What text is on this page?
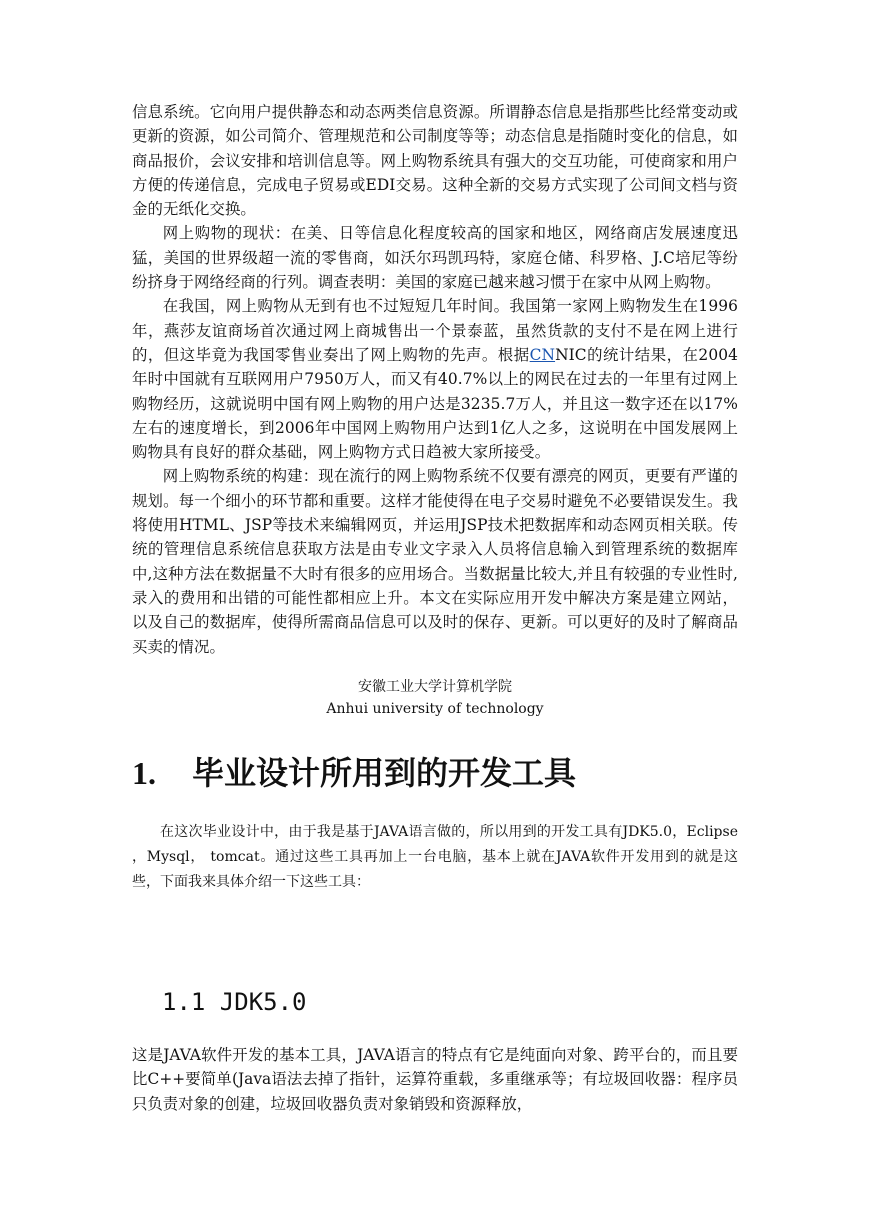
信息系统。它向用户提供静态和动态两类信息资源。所谓静态信息是指那些比经常变动或更新的资源，如公司简介、管理规范和公司制度等等；动态信息是指随时变化的信息，如商品报价，会议安排和培训信息等。网上购物系统具有强大的交互功能，可使商家和用户方便的传递信息，完成电子贸易或EDI交易。这种全新的交易方式实现了公司间文档与资金的无纸化交换。

网上购物的现状：在美、日等信息化程度较高的国家和地区，网络商店发展速度迅猛，美国的世界级超一流的零售商，如沃尔玛凯玛特，家庭仓储、科罗格、J.C培尼等纷纷挤身于网络经商的行列。调查表明：美国的家庭已越来越习惯于在家中从网上购物。

在我国，网上购物从无到有也不过短短几年时间。我国第一家网上购物发生在1996年，燕莎友谊商场首次通过网上商城售出一个景泰蓝，虽然货款的支付不是在网上进行的，但这毕竟为我国零售业奏出了网上购物的先声。根据CNNIC的统计结果，在2004年时中国就有互联网用户7950万人，而又有40.7%以上的网民在过去的一年里有过网上购物经历，这就说明中国有网上购物的用户达是3235.7万人，并且这一数字还在以17%左右的速度增长，到2006年中国网上购物用户达到1亿人之多，这说明在中国发展网上购物具有良好的群众基础，网上购物方式日趋被大家所接受。

网上购物系统的构建：现在流行的网上购物系统不仅要有漂亮的网页，更要有严谨的规划。每一个细小的环节都和重要。这样才能使得在电子交易时避免不必要错误发生。我将使用HTML、JSP等技术来编辑网页，并运用JSP技术把数据库和动态网页相关联。传统的管理信息系统信息获取方法是由专业文字录入人员将信息输入到管理系统的数据库中,这种方法在数据量不大时有很多的应用场合。当数据量比较大,并且有较强的专业性时,录入的费用和出错的可能性都相应上升。本文在实际应用开发中解决方案是建立网站， 以及自己的数据库，使得所需商品信息可以及时的保存、更新。可以更好的及时了解商品买卖的情况。

安徽工业大学计算机学院
Anhui university of technology
1. 毕业设计所用到的开发工具

在这次毕业设计中，由于我是基于JAVA语言做的，所以用到的开发工具有JDK5.0，Eclipse ，Mysql， tomcat。通过这些工具再加上一台电脑，基本上就在JAVA软件开发用到的就是这些，下面我来具体介绍一下这些工具：

1.1 JDK5.0

这是JAVA软件开发的基本工具，JAVA语言的特点有它是纯面向对象、跨平台的，而且要比C++要简单(Java语法去掉了指针，运算符重载，多重继承等；有垃圾回收器：程序员只负责对象的创建，垃圾回收器负责对象销毁和资源释放，
